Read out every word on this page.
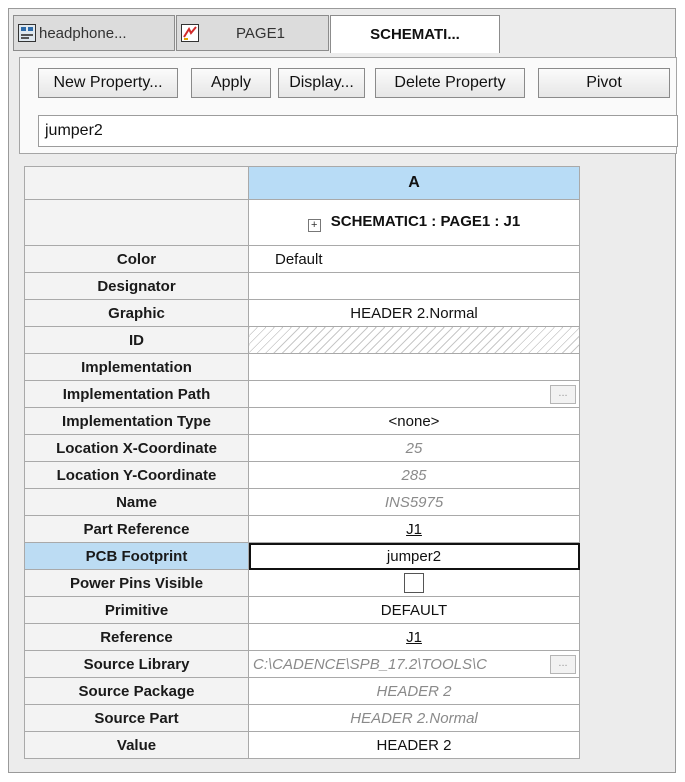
headphone...	PAGE1	SCHEMATI...
New Property...	Apply	Display...	Delete Property	Pivot
jumper2
	A
	+ SCHEMATIC1 : PAGE1 : J1
Color	Default
Designator	
Graphic	HEADER 2.Normal
ID	
Implementation	
Implementation Path	...

Implementation Type	<none>
Location X-Coordinate	25
Location Y-Coordinate	285
Name	INS5975
Part Reference	J1
PCB Footprint	jumper2
Power Pins Visible	
Primitive	DEFAULT
Reference	J1
Source Library	C:\CADENCE\SPB_17.2\TOOLS\C ...

Source Package	HEADER 2
Source Part	HEADER 2.Normal
Value	HEADER 2
